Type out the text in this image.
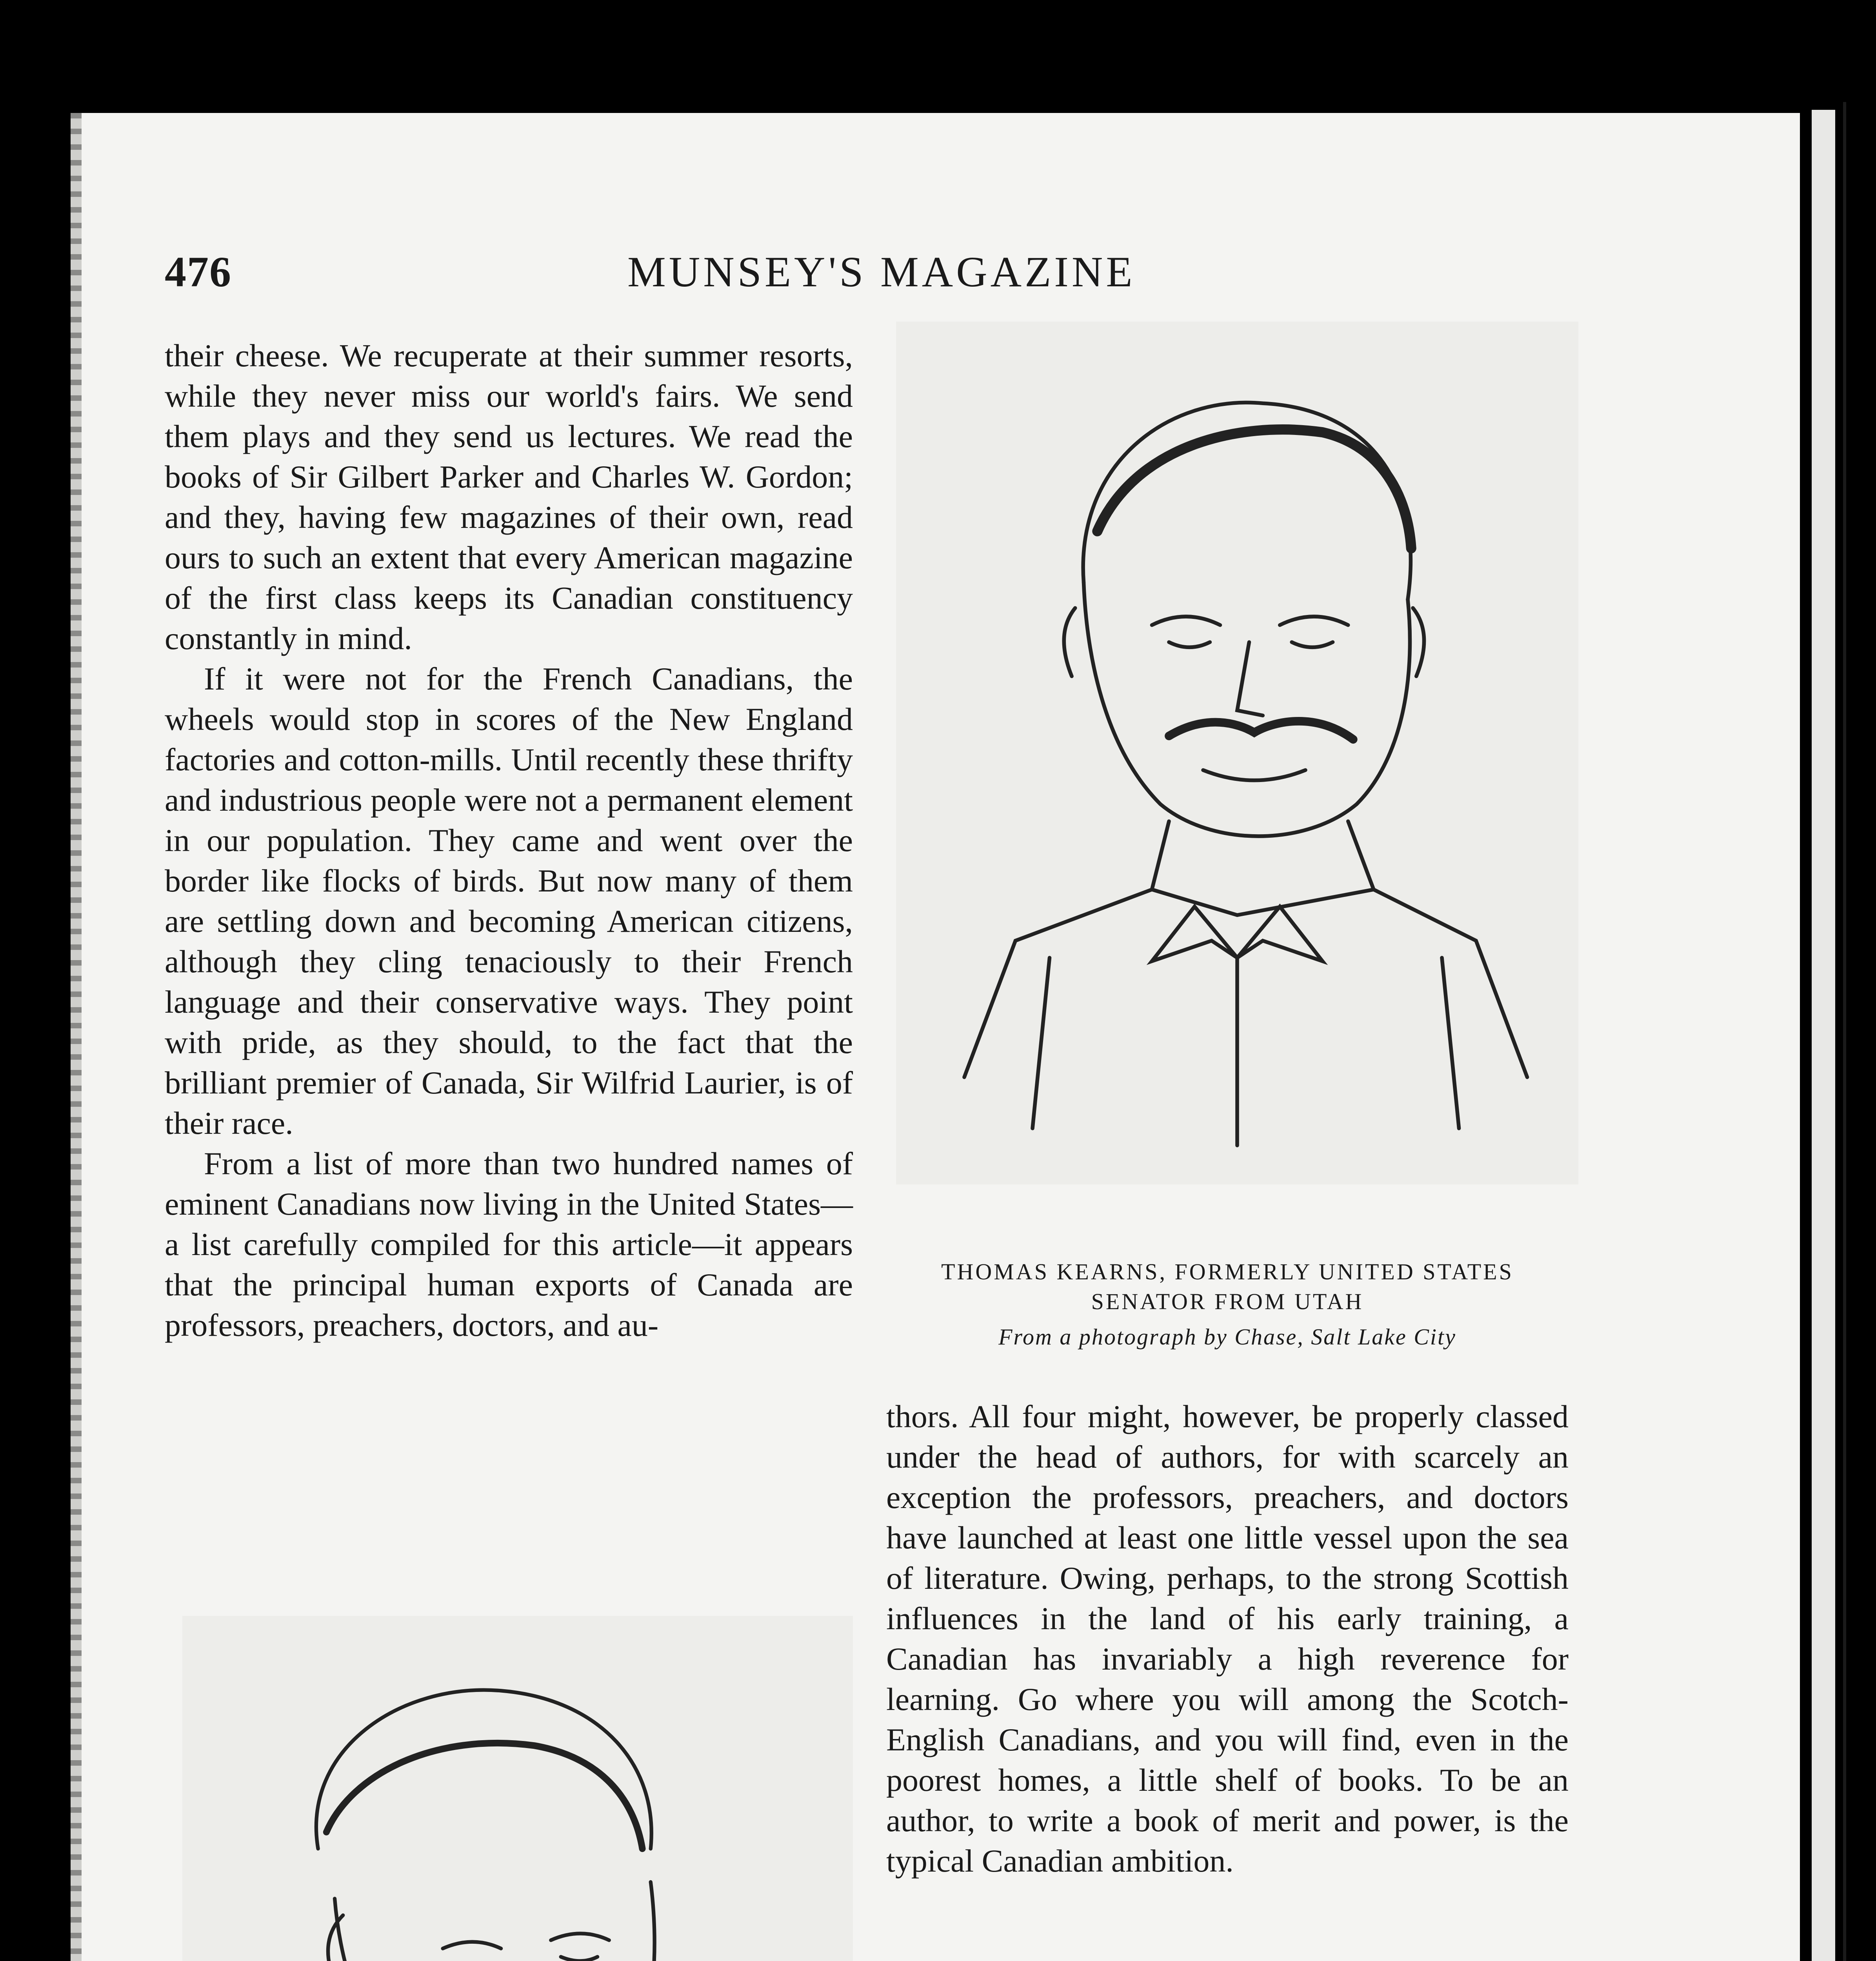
476	MUNSEY'S MAGAZINE

their cheese. We recuperate at their summer resorts, while they never miss our world's fairs. We send them plays and they send us lectures. We read the books of Sir Gilbert Parker and Charles W. Gordon; and they, having few magazines of their own, read ours to such an extent that every American magazine of the first class keeps its Canadian constituency constantly in mind.

If it were not for the French Canadians, the wheels would stop in scores of the New England factories and cotton-mills. Until recently these thrifty and industrious people were not a permanent element in our population. They came and went over the border like flocks of birds. But now many of them are settling down and becoming American citizens, although they cling tenaciously to their French language and their conservative ways. They point with pride, as they should, to the fact that the brilliant premier of Canada, Sir Wilfrid Laurier, is of their race.

From a list of more than two hundred names of eminent Canadians now living in the United States—a list carefully compiled for this article—it appears that the principal human exports of Canada are professors, preachers, doctors, and au-

THOMAS KEARNS, FORMERLY UNITED STATES
SENATOR FROM UTAH
From a photograph by Chase, Salt Lake City

thors. All four might, however, be properly classed under the head of authors, for with scarcely an exception the professors, preachers, and doctors have launched at least one little vessel upon the sea of literature. Owing, perhaps, to the strong Scottish influences in the land of his early training, a Canadian has invariably a high reverence for learning. Go where you will among the Scotch-English Canadians, and you will find, even in the poorest homes, a little shelf of books. To be an author, to write a book of merit and power, is the typical Canadian ambition.
